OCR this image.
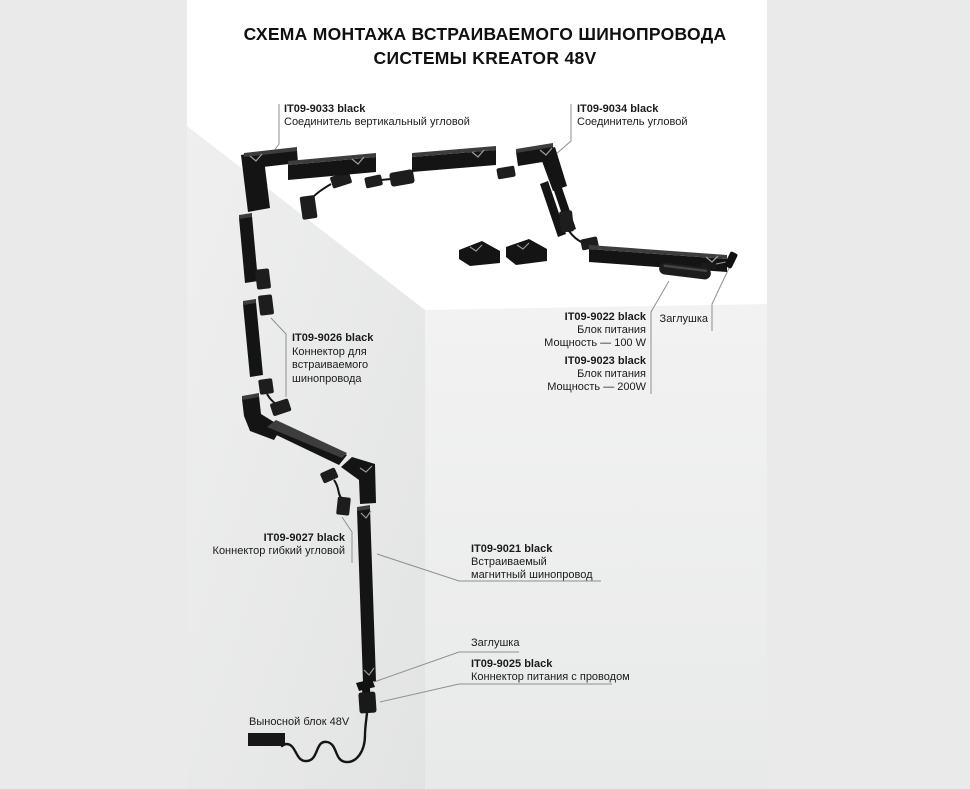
СХЕМА МОНТАЖА ВСТРАИВАЕМОГО ШИНОПРОВОДА
СИСТЕМЫ KREATOR 48V
IT09-9033 black
Соединитель вертикальный угловой
IT09-9034 black
Соединитель угловой
IT09-9026 black
Коннектор для
встраиваемого
шинопровода
IT09-9022 black
Блок питания
Мощность — 100 W
IT09-9023 black
Блок питания
Мощность — 200W
Заглушка
IT09-9027 black
Коннектор гибкий угловой	IT09-9021 black
Встраиваемый
магнитный шинопровод
Заглушка
IT09-9025 black
Коннектор питания с проводом
Выносной блок 48V
